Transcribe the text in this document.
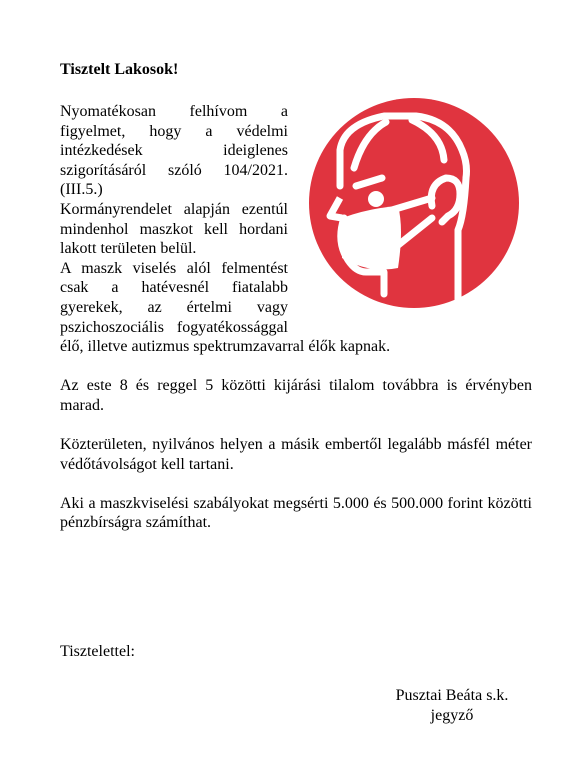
Tisztelt Lakosok!

Nyomatékosan felhívom a figyelmet, hogy a védelmi intézkedések ideiglenes szigorításáról szóló 104/2021. (III.5.)

Kormányrendelet alapján ezentúl mindenhol maszkot kell hordani lakott területen belül.

A maszk viselés alól felmentést csak a hatévesnél fiatalabb gyerekek, az értelmi vagy pszichoszociális fogyatékossággal élő, illetve autizmus spektrumzavarral élők kapnak.

Az este 8 és reggel 5 közötti kijárási tilalom továbbra is érvényben marad.

Közterületen, nyilvános helyen a másik embertől legalább másfél méter védőtávolságot kell tartani.

Aki a maszkviselési szabályokat megsérti 5.000 és 500.000 forint közötti pénzbírságra számíthat.

Tisztelettel:

Pusztai Beáta s.k.
jegyző
